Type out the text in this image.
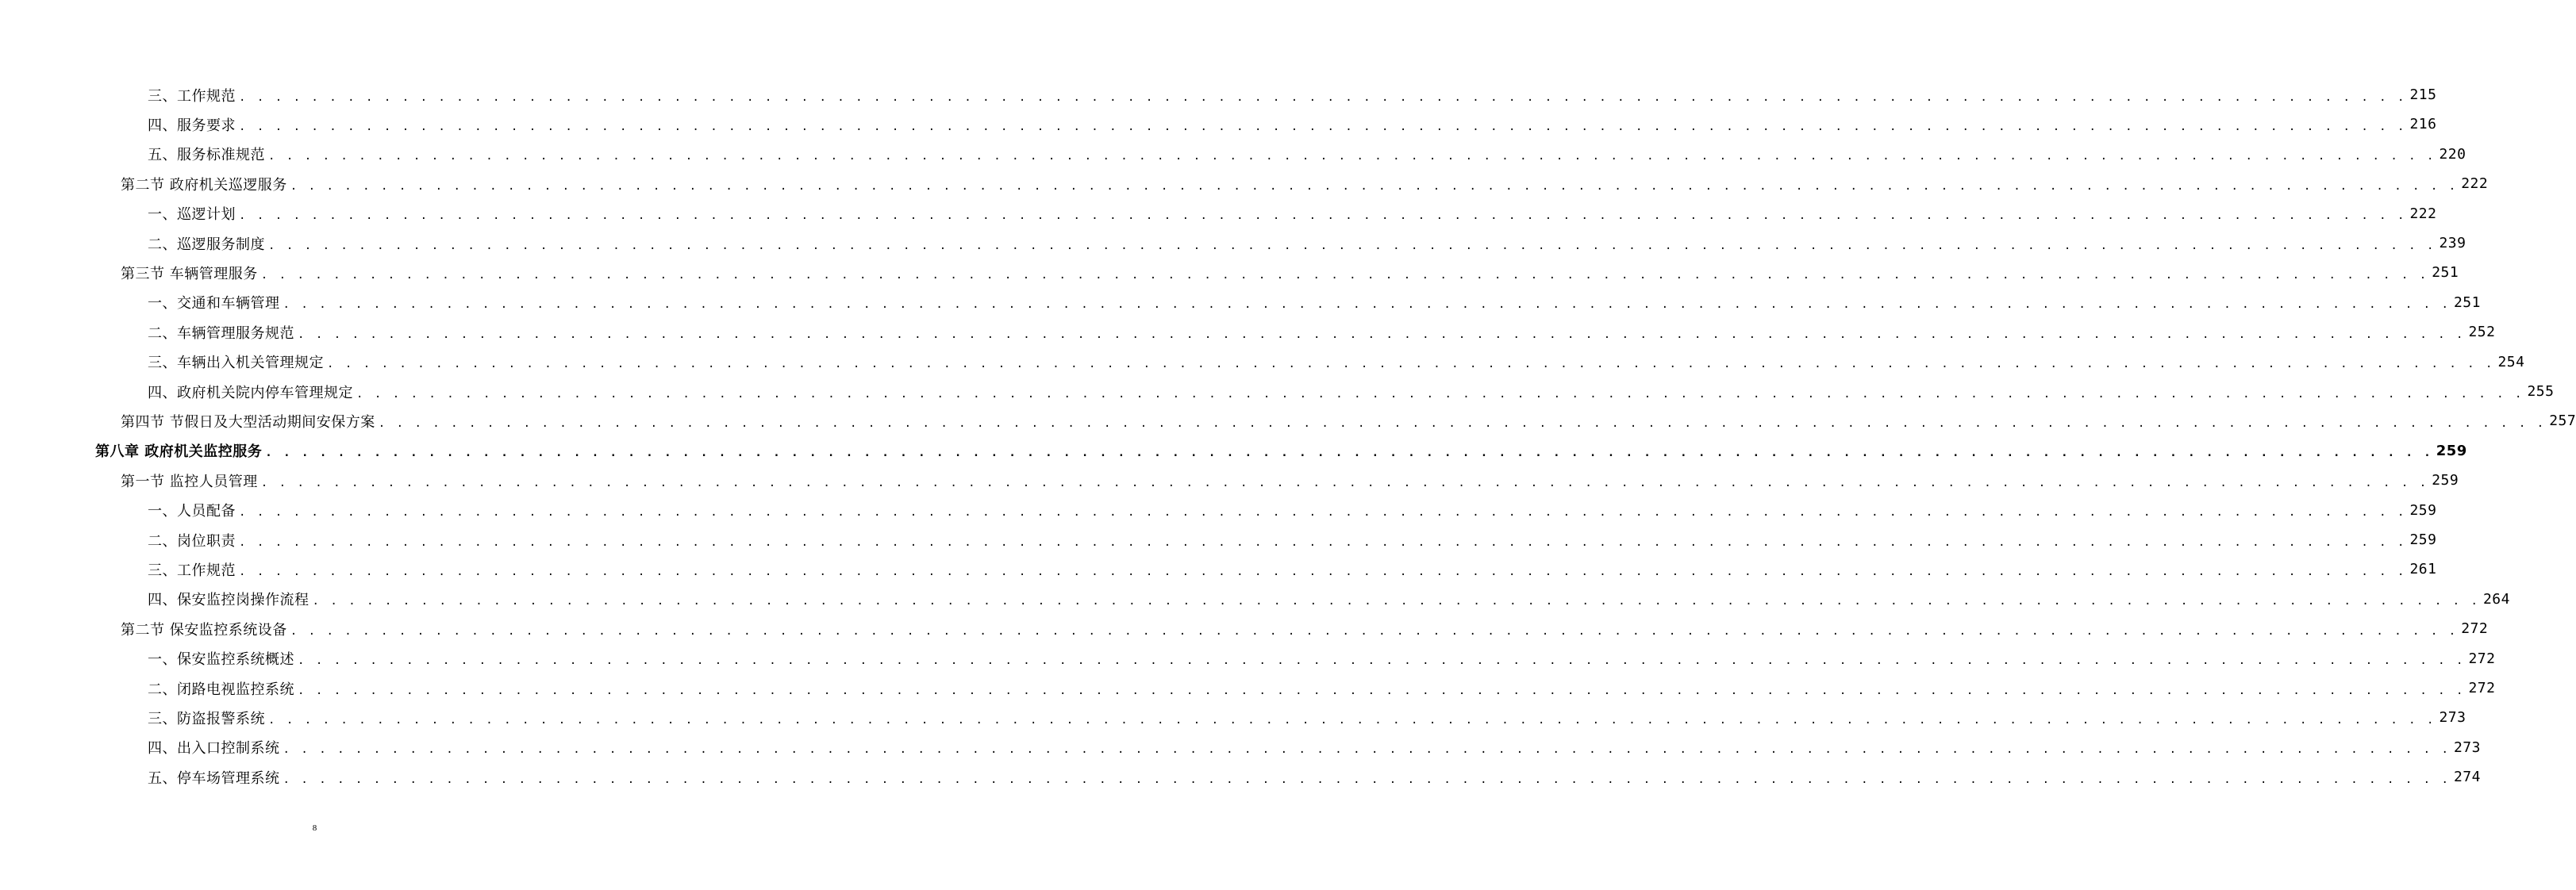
三、工作规范 . . . . . . . . . . . . . . . . . . . . . . . . . . . . . . . . . . . . . . . . . . . . . . . . . . . . . . . . . . . . . . . . . . . . . . . . . . . . . . . . . . . . . . . . . . . . . . . . . . . . . . . . . . . . . . . . . . . . . . . . 215
四、服务要求 . . . . . . . . . . . . . . . . . . . . . . . . . . . . . . . . . . . . . . . . . . . . . . . . . . . . . . . . . . . . . . . . . . . . . . . . . . . . . . . . . . . . . . . . . . . . . . . . . . . . . . . . . . . . . . . . . . . . . . . . 216
五、服务标准规范 . . . . . . . . . . . . . . . . . . . . . . . . . . . . . . . . . . . . . . . . . . . . . . . . . . . . . . . . . . . . . . . . . . . . . . . . . . . . . . . . . . . . . . . . . . . . . . . . . . . . . . . . . . . . . . . . . . . . . . . . 220
第二节 政府机关巡逻服务 . . . . . . . . . . . . . . . . . . . . . . . . . . . . . . . . . . . . . . . . . . . . . . . . . . . . . . . . . . . . . . . . . . . . . . . . . . . . . . . . . . . . . . . . . . . . . . . . . . . . . . . . . . . . . . . . . . . . . . . . 222
一、巡逻计划 . . . . . . . . . . . . . . . . . . . . . . . . . . . . . . . . . . . . . . . . . . . . . . . . . . . . . . . . . . . . . . . . . . . . . . . . . . . . . . . . . . . . . . . . . . . . . . . . . . . . . . . . . . . . . . . . . . . . . . . . 222
二、巡逻服务制度 . . . . . . . . . . . . . . . . . . . . . . . . . . . . . . . . . . . . . . . . . . . . . . . . . . . . . . . . . . . . . . . . . . . . . . . . . . . . . . . . . . . . . . . . . . . . . . . . . . . . . . . . . . . . . . . . . . . . . . . . 239
第三节 车辆管理服务 . . . . . . . . . . . . . . . . . . . . . . . . . . . . . . . . . . . . . . . . . . . . . . . . . . . . . . . . . . . . . . . . . . . . . . . . . . . . . . . . . . . . . . . . . . . . . . . . . . . . . . . . . . . . . . . . . . . . . . . . 251
一、交通和车辆管理 . . . . . . . . . . . . . . . . . . . . . . . . . . . . . . . . . . . . . . . . . . . . . . . . . . . . . . . . . . . . . . . . . . . . . . . . . . . . . . . . . . . . . . . . . . . . . . . . . . . . . . . . . . . . . . . . . . . . . . . . 251
二、车辆管理服务规范 . . . . . . . . . . . . . . . . . . . . . . . . . . . . . . . . . . . . . . . . . . . . . . . . . . . . . . . . . . . . . . . . . . . . . . . . . . . . . . . . . . . . . . . . . . . . . . . . . . . . . . . . . . . . . . . . . . . . . . . . 252
三、车辆出入机关管理规定 . . . . . . . . . . . . . . . . . . . . . . . . . . . . . . . . . . . . . . . . . . . . . . . . . . . . . . . . . . . . . . . . . . . . . . . . . . . . . . . . . . . . . . . . . . . . . . . . . . . . . . . . . . . . . . . . . . . . . . . . 254
四、政府机关院内停车管理规定 . . . . . . . . . . . . . . . . . . . . . . . . . . . . . . . . . . . . . . . . . . . . . . . . . . . . . . . . . . . . . . . . . . . . . . . . . . . . . . . . . . . . . . . . . . . . . . . . . . . . . . . . . . . . . . . . . . . . . . . . 255
第四节 节假日及大型活动期间安保方案 . . . . . . . . . . . . . . . . . . . . . . . . . . . . . . . . . . . . . . . . . . . . . . . . . . . . . . . . . . . . . . . . . . . . . . . . . . . . . . . . . . . . . . . . . . . . . . . . . . . . . . . . . . . . . . . . . . . . . . . . 257
第八章 政府机关监控服务 . . . . . . . . . . . . . . . . . . . . . . . . . . . . . . . . . . . . . . . . . . . . . . . . . . . . . . . . . . . . . . . . . . . . . . . . . . . . . . . . . . . . . . . . . . . . . . . . . . . . . . . . . . . . . . . . . . . . . . . . 259
第一节 监控人员管理 . . . . . . . . . . . . . . . . . . . . . . . . . . . . . . . . . . . . . . . . . . . . . . . . . . . . . . . . . . . . . . . . . . . . . . . . . . . . . . . . . . . . . . . . . . . . . . . . . . . . . . . . . . . . . . . . . . . . . . . . 259
一、人员配备 . . . . . . . . . . . . . . . . . . . . . . . . . . . . . . . . . . . . . . . . . . . . . . . . . . . . . . . . . . . . . . . . . . . . . . . . . . . . . . . . . . . . . . . . . . . . . . . . . . . . . . . . . . . . . . . . . . . . . . . . 259
二、岗位职责 . . . . . . . . . . . . . . . . . . . . . . . . . . . . . . . . . . . . . . . . . . . . . . . . . . . . . . . . . . . . . . . . . . . . . . . . . . . . . . . . . . . . . . . . . . . . . . . . . . . . . . . . . . . . . . . . . . . . . . . . 259
三、工作规范 . . . . . . . . . . . . . . . . . . . . . . . . . . . . . . . . . . . . . . . . . . . . . . . . . . . . . . . . . . . . . . . . . . . . . . . . . . . . . . . . . . . . . . . . . . . . . . . . . . . . . . . . . . . . . . . . . . . . . . . . 261
四、保安监控岗操作流程 . . . . . . . . . . . . . . . . . . . . . . . . . . . . . . . . . . . . . . . . . . . . . . . . . . . . . . . . . . . . . . . . . . . . . . . . . . . . . . . . . . . . . . . . . . . . . . . . . . . . . . . . . . . . . . . . . . . . . . . . 264
第二节 保安监控系统设备 . . . . . . . . . . . . . . . . . . . . . . . . . . . . . . . . . . . . . . . . . . . . . . . . . . . . . . . . . . . . . . . . . . . . . . . . . . . . . . . . . . . . . . . . . . . . . . . . . . . . . . . . . . . . . . . . . . . . . . . . 272
一、保安监控系统概述 . . . . . . . . . . . . . . . . . . . . . . . . . . . . . . . . . . . . . . . . . . . . . . . . . . . . . . . . . . . . . . . . . . . . . . . . . . . . . . . . . . . . . . . . . . . . . . . . . . . . . . . . . . . . . . . . . . . . . . . . 272
二、闭路电视监控系统 . . . . . . . . . . . . . . . . . . . . . . . . . . . . . . . . . . . . . . . . . . . . . . . . . . . . . . . . . . . . . . . . . . . . . . . . . . . . . . . . . . . . . . . . . . . . . . . . . . . . . . . . . . . . . . . . . . . . . . . . 272
三、防盗报警系统 . . . . . . . . . . . . . . . . . . . . . . . . . . . . . . . . . . . . . . . . . . . . . . . . . . . . . . . . . . . . . . . . . . . . . . . . . . . . . . . . . . . . . . . . . . . . . . . . . . . . . . . . . . . . . . . . . . . . . . . . 273
四、出入口控制系统 . . . . . . . . . . . . . . . . . . . . . . . . . . . . . . . . . . . . . . . . . . . . . . . . . . . . . . . . . . . . . . . . . . . . . . . . . . . . . . . . . . . . . . . . . . . . . . . . . . . . . . . . . . . . . . . . . . . . . . . . 273
五、停车场管理系统 . . . . . . . . . . . . . . . . . . . . . . . . . . . . . . . . . . . . . . . . . . . . . . . . . . . . . . . . . . . . . . . . . . . . . . . . . . . . . . . . . . . . . . . . . . . . . . . . . . . . . . . . . . . . . . . . . . . . . . . . 274
8
